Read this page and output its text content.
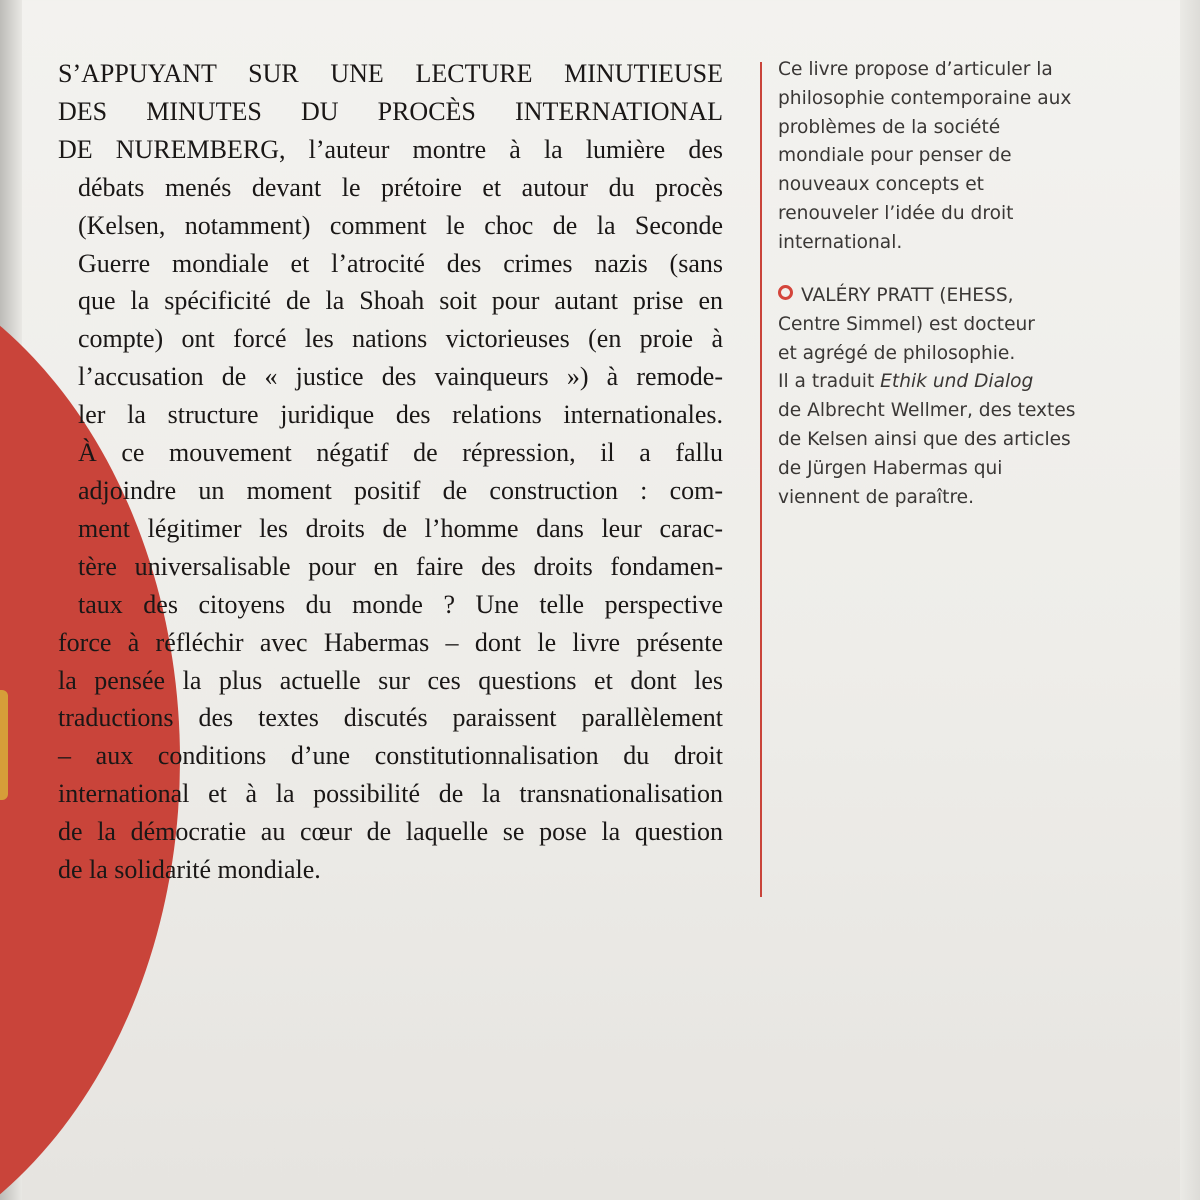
S’APPUYANT SUR UNE LECTURE MINUTIEUSE
DES MINUTES DU PROCÈS INTERNATIONAL
DE NUREMBERG, l’auteur montre à la lumière des
débats menés devant le prétoire et autour du procès
(Kelsen, notamment) comment le choc de la Seconde
Guerre mondiale et l’atrocité des crimes nazis (sans
que la spécificité de la Shoah soit pour autant prise en
compte) ont forcé les nations victorieuses (en proie à
l’accusation de « justice des vainqueurs ») à remode-
ler la structure juridique des relations internationales.
À ce mouvement négatif de répression, il a fallu
adjoindre un moment positif de construction : com-
ment légitimer les droits de l’homme dans leur carac-
tère universalisable pour en faire des droits fondamen-
taux des citoyens du monde ? Une telle perspective
force à réfléchir avec Habermas – dont le livre présente
la pensée la plus actuelle sur ces questions et dont les
traductions des textes discutés paraissent parallèlement
– aux conditions d’une constitutionnalisation du droit
international et à la possibilité de la transnationalisation
de la démocratie au cœur de laquelle se pose la question
de la solidarité mondiale.
Ce livre propose d’articuler la
philosophie contemporaine aux
problèmes de la société
mondiale pour penser de
nouveaux concepts et
renouveler l’idée du droit
international.
VALÉRY PRATT (EHESS,
Centre Simmel) est docteur
et agrégé de philosophie.
Il a traduit Ethik und Dialog
de Albrecht Wellmer, des textes
de Kelsen ainsi que des articles
de Jürgen Habermas qui
viennent de paraître.
